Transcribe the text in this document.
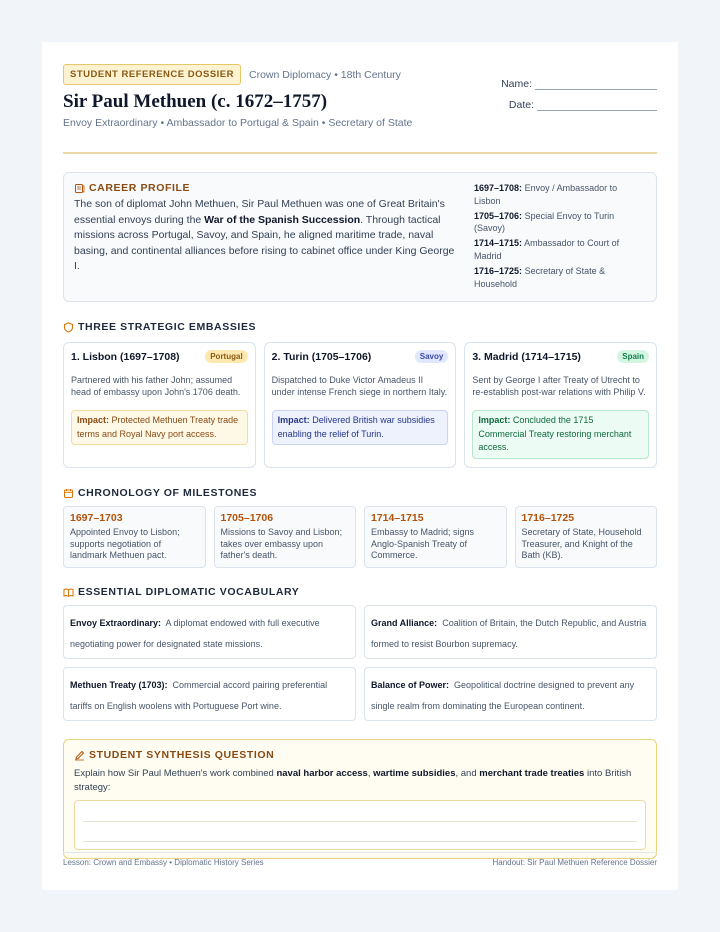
STUDENT REFERENCE DOSSIER	Crown Diplomacy • 18th Century
Sir Paul Methuen (c. 1672–1757)
Envoy Extraordinary • Ambassador to Portugal & Spain • Secretary of State
Name:
Date:
CAREER PROFILE

The son of diplomat John Methuen, Sir Paul Methuen was one of Great Britain's essential envoys during the War of the Spanish Succession. Through tactical missions across Portugal, Savoy, and Spain, he aligned maritime trade, naval basing, and continental alliances before rising to cabinet office under King George I.

1697–1708: Envoy / Ambassador to Lisbon
1705–1706: Special Envoy to Turin (Savoy)
1714–1715: Ambassador to Court of Madrid
1716–1725: Secretary of State & Household
THREE STRATEGIC EMBASSIES
1. Lisbon (1697–1708)	Portugal
Partnered with his father John; assumed head of embassy upon John's 1706 death.
Impact: Protected Methuen Treaty trade terms and Royal Navy port access.
2. Turin (1705–1706)	Savoy
Dispatched to Duke Victor Amadeus II under intense French siege in northern Italy.
Impact: Delivered British war subsidies enabling the relief of Turin.
3. Madrid (1714–1715)	Spain
Sent by George I after Treaty of Utrecht to re-establish post-war relations with Philip V.
Impact: Concluded the 1715 Commercial Treaty restoring merchant access.
CHRONOLOGY OF MILESTONES
1697–1703
Appointed Envoy to Lisbon; supports negotiation of landmark Methuen pact.
1705–1706
Missions to Savoy and Lisbon; takes over embassy upon father's death.
1714–1715
Embassy to Madrid; signs Anglo-Spanish Treaty of Commerce.
1716–1725
Secretary of State, Household Treasurer, and Knight of the Bath (KB).
ESSENTIAL DIPLOMATIC VOCABULARY
Envoy Extraordinary: A diplomat endowed with full executive negotiating power for designated state missions.
Grand Alliance: Coalition of Britain, the Dutch Republic, and Austria formed to resist Bourbon supremacy.
Methuen Treaty (1703): Commercial accord pairing preferential tariffs on English woolens with Portuguese Port wine.
Balance of Power: Geopolitical doctrine designed to prevent any single realm from dominating the European continent.
STUDENT SYNTHESIS QUESTION

Explain how Sir Paul Methuen's work combined naval harbor access, wartime subsidies, and merchant trade treaties into British strategy:

Lesson: Crown and Embassy • Diplomatic History Series	Handout: Sir Paul Methuen Reference Dossier
